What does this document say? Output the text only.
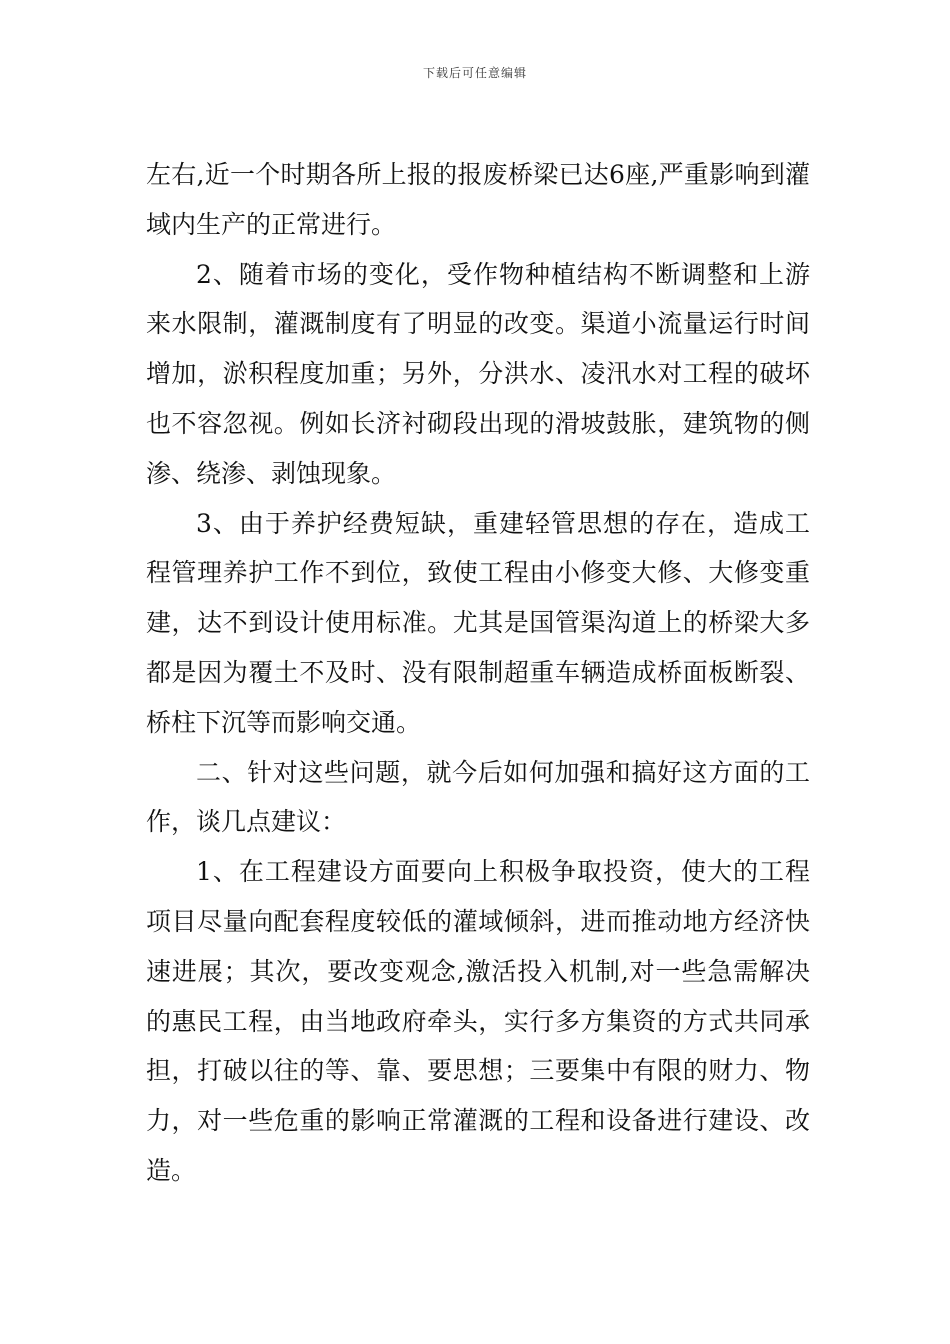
下载后可任意编辑

左右,近一个时期各所上报的报废桥梁已达6座,严重影响到灌域内生产的正常进行。

2、随着市场的变化，受作物种植结构不断调整和上游来水限制，灌溉制度有了明显的改变。渠道小流量运行时间增加，淤积程度加重；另外，分洪水、凌汛水对工程的破坏也不容忽视。例如长济衬砌段出现的滑坡鼓胀，建筑物的侧渗、绕渗、剥蚀现象。

3、由于养护经费短缺，重建轻管思想的存在，造成工程管理养护工作不到位，致使工程由小修变大修、大修变重建，达不到设计使用标准。尤其是国管渠沟道上的桥梁大多都是因为覆土不及时、没有限制超重车辆造成桥面板断裂、桥柱下沉等而影响交通。

二、针对这些问题，就今后如何加强和搞好这方面的工作，谈几点建议：

1、在工程建设方面要向上积极争取投资，使大的工程项目尽量向配套程度较低的灌域倾斜，进而推动地方经济快速进展；其次，要改变观念,激活投入机制,对一些急需解决的惠民工程，由当地政府牵头，实行多方集资的方式共同承担，打破以往的等、靠、要思想；三要集中有限的财力、物力，对一些危重的影响正常灌溉的工程和设备进行建设、改造。
